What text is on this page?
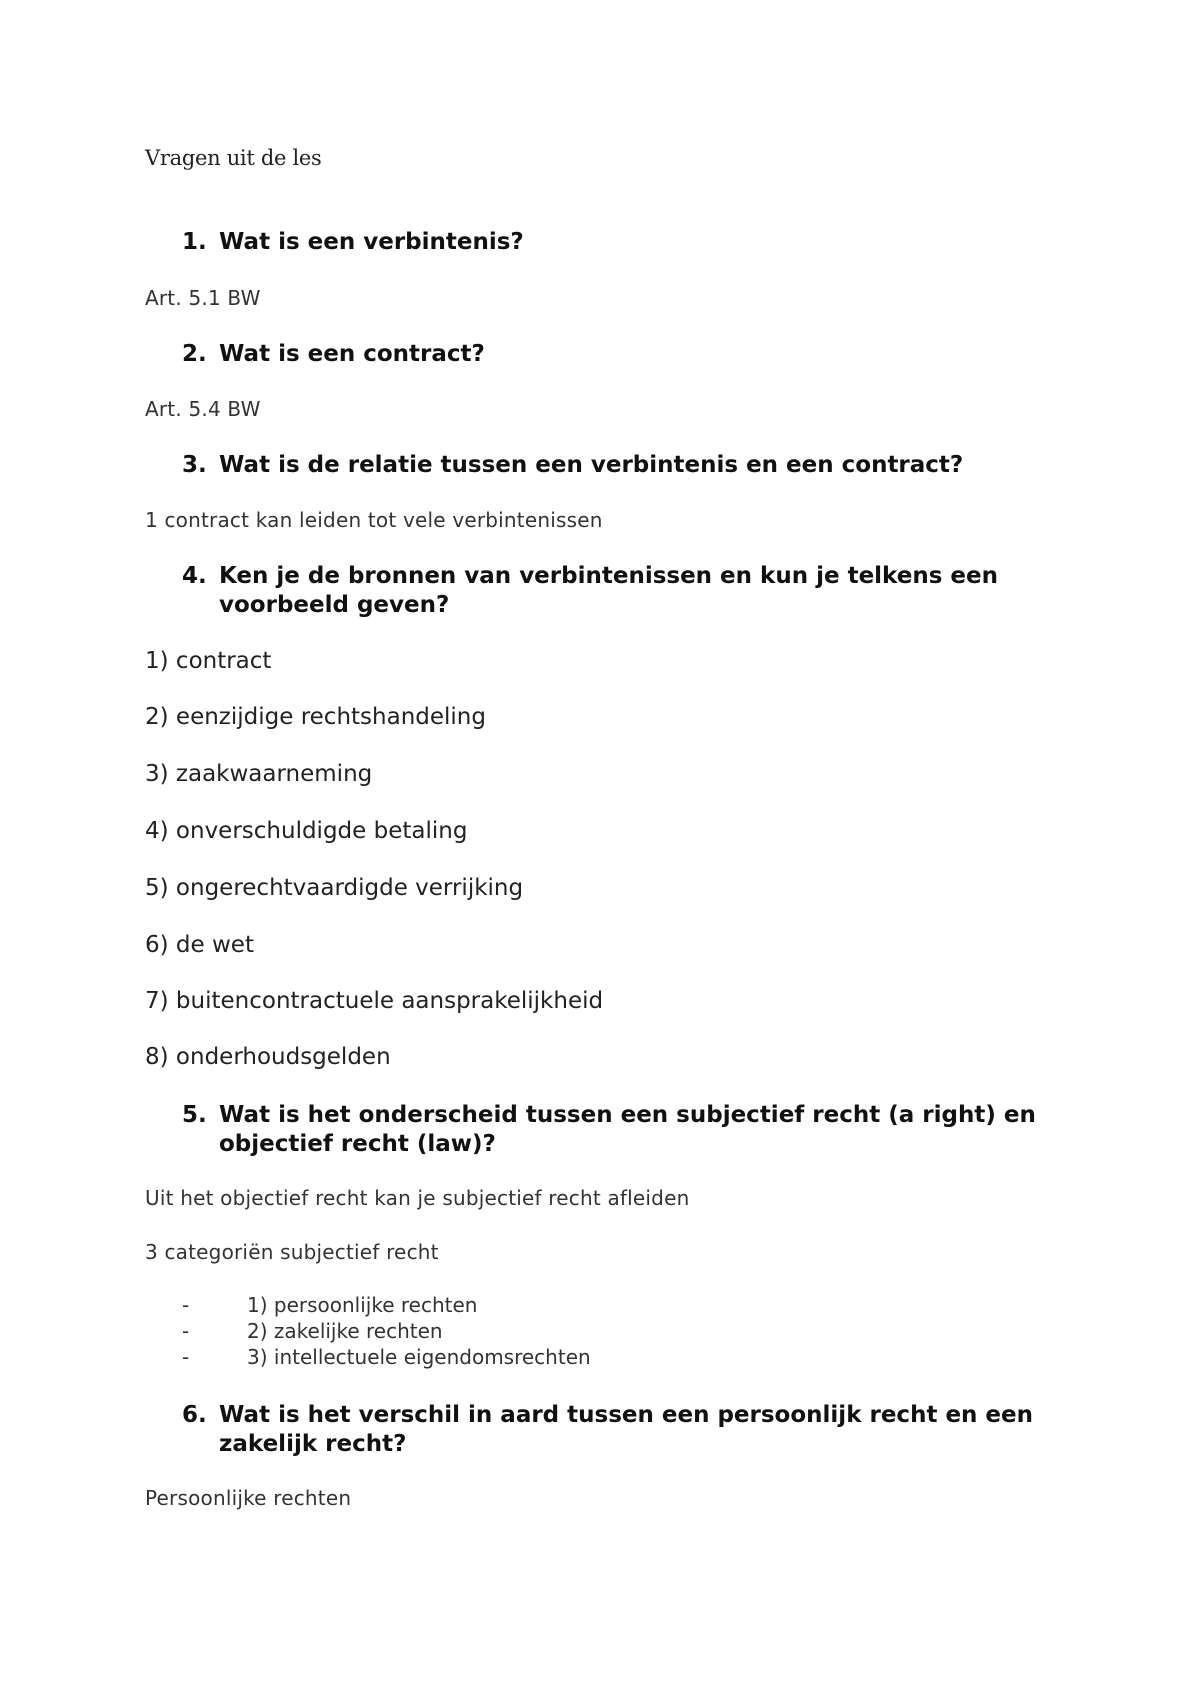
Vragen uit de les
1. Wat is een verbintenis?
Art. 5.1 BW
2. Wat is een contract?
Art. 5.4 BW
3. Wat is de relatie tussen een verbintenis en een contract?
1 contract kan leiden tot vele verbintenissen
4. Ken je de bronnen van verbintenissen en kun je telkens een voorbeeld geven?
1) contract
2) eenzijdige rechtshandeling
3) zaakwaarneming
4) onverschuldigde betaling
5) ongerechtvaardigde verrijking
6) de wet
7) buitencontractuele aansprakelijkheid
8) onderhoudsgelden
5. Wat is het onderscheid tussen een subjectief recht (a right) en objectief recht (law)?
Uit het objectief recht kan je subjectief recht afleiden
3 categoriën subjectief recht
-	1) persoonlijke rechten
-	2) zakelijke rechten
-	3) intellectuele eigendomsrechten
6. Wat is het verschil in aard tussen een persoonlijk recht en een zakelijk recht?
Persoonlijke rechten
